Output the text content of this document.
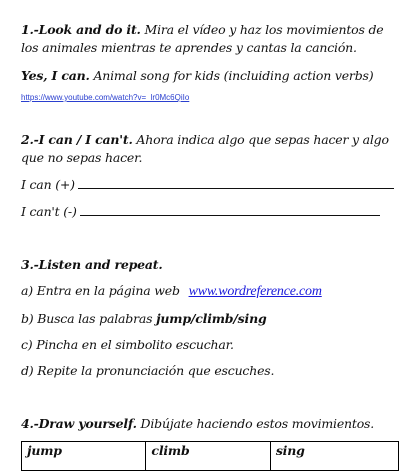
1.-Look and do it. Mira el vídeo y haz los movimientos de
los animales mientras te aprendes y cantas la canción.
Yes, I can. Animal song for kids (incluiding action verbs)
https://www.youtube.com/watch?v=_lr0Mc6QiIo
2.-I can / I can't. Ahora indica algo que sepas hacer y algo
que no sepas hacer.
I can (+)
I can't (-)
3.-Listen and repeat.
a) Entra en la página web www.wordreference.com
b) Busca las palabras jump/climb/sing
c) Pincha en el simbolito escuchar.
d) Repite la pronunciación que escuches.
4.-Draw yourself. Dibújate haciendo estos movimientos.
jump	climb	sing
